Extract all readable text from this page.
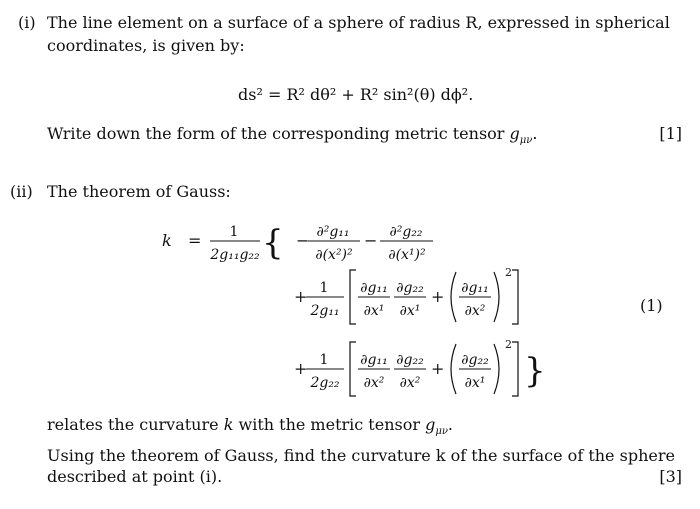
(i) The line element on a surface of a sphere of radius R, expressed in spherical
coordinates, is given by:
ds² = R² dθ² + R² sin²(θ) dϕ².
Write down the form of the corresponding metric tensor $g_{\mu\nu}$.	[1]
(ii) The theorem of Gauss:
k = 1
2g₁₁g₂₂ { − ∂²g₁₁
∂(x²)²
− ∂²g₂₂
∂(x¹)²
+ 1
2g₁₁
∂g₁₁
∂x¹
∂g₂₂
∂x¹
+ ∂g₁₁
∂x²
2
+ 1
2g₂₂
∂g₁₁
∂x²
∂g₂₂
∂x²
+ ∂g₂₂
∂x¹
2
}
(1)
relates the curvature k with the metric tensor $g_{\mu\nu}$.
Using the theorem of Gauss, find the curvature k of the surface of the sphere
described at point (i).	[3]
